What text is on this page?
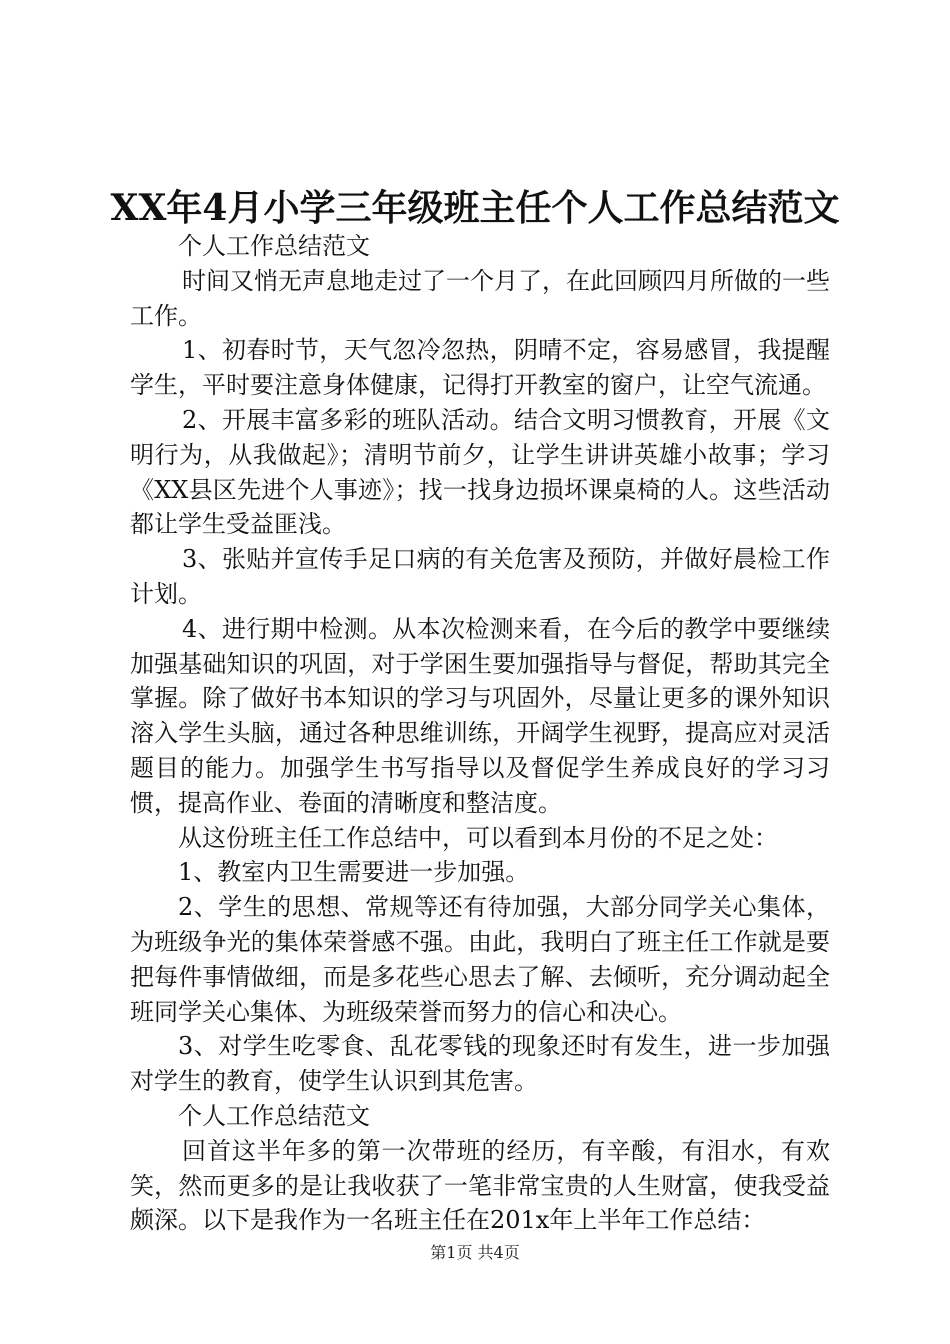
XX年4月小学三年级班主任个人工作总结范文

个人工作总结范文

时间又悄无声息地走过了一个月了，在此回顾四月所做的一些工作。

1、初春时节，天气忽冷忽热，阴晴不定，容易感冒，我提醒学生，平时要注意身体健康，记得打开教室的窗户，让空气流通。

2、开展丰富多彩的班队活动。结合文明习惯教育，开展《文明行为，从我做起》；清明节前夕，让学生讲讲英雄小故事；学习《XX县区先进个人事迹》；找一找身边损坏课桌椅的人。这些活动都让学生受益匪浅。

3、张贴并宣传手足口病的有关危害及预防，并做好晨检工作计划。

4、进行期中检测。从本次检测来看，在今后的教学中要继续加强基础知识的巩固，对于学困生要加强指导与督促，帮助其完全掌握。除了做好书本知识的学习与巩固外，尽量让更多的课外知识溶入学生头脑，通过各种思维训练，开阔学生视野，提高应对灵活题目的能力。加强学生书写指导以及督促学生养成良好的学习习惯，提高作业、卷面的清晰度和整洁度。

从这份班主任工作总结中，可以看到本月份的不足之处：

1、教室内卫生需要进一步加强。

2、学生的思想、常规等还有待加强，大部分同学关心集体，为班级争光的集体荣誉感不强。由此，我明白了班主任工作就是要把每件事情做细，而是多花些心思去了解、去倾听，充分调动起全班同学关心集体、为班级荣誉而努力的信心和决心。

3、对学生吃零食、乱花零钱的现象还时有发生，进一步加强对学生的教育，使学生认识到其危害。

个人工作总结范文

回首这半年多的第一次带班的经历，有辛酸，有泪水，有欢笑，然而更多的是让我收获了一笔非常宝贵的人生财富，使我受益颇深。以下是我作为一名班主任在201x年上半年工作总结：

第1页 共4页
